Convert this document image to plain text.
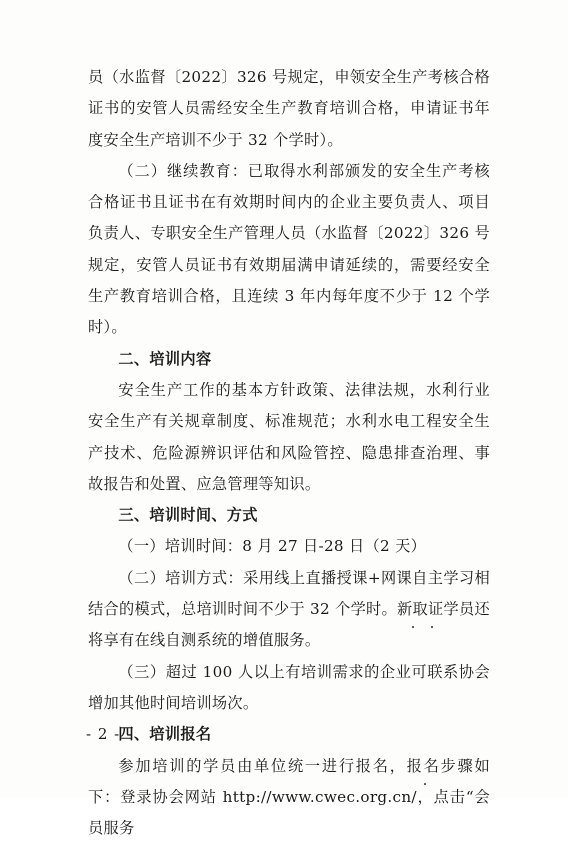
员（水监督〔2022〕326 号规定，申领安全生产考核合格证书的安管人员需经安全生产教育培训合格，申请证书年度安全生产培训不少于 32 个学时）。

（二）继续教育：已取得水利部颁发的安全生产考核合格证书且证书在有效期时间内的企业主要负责人、项目负责人、专职安全生产管理人员（水监督〔2022〕326 号规定，安管人员证书有效期届满申请延续的，需要经安全生产教育培训合格，且连续 3 年内每年度不少于 12 个学时）。

二、培训内容

安全生产工作的基本方针政策、法律法规，水利行业安全生产有关规章制度、标准规范；水利水电工程安全生产技术、危险源辨识评估和风险管控、隐患排查治理、事故报告和处置、应急管理等知识。

三、培训时间、方式

（一）培训时间：8 月 27 日-28 日（2 天）

（二）培训方式：采用线上直播授课+网课自主学习相结合的模式，总培训时间不少于 32 个学时。新取证学员还将享有在线自测系统的增值服务。

（三）超过 100 人以上有培训需求的企业可联系协会增加其他时间培训场次。

四、培训报名

参加培训的学员由单位统一进行报名，报名步骤如下：登录协会网站 http://www.cwec.org.cn/，点击“会员服务

- 2 -
